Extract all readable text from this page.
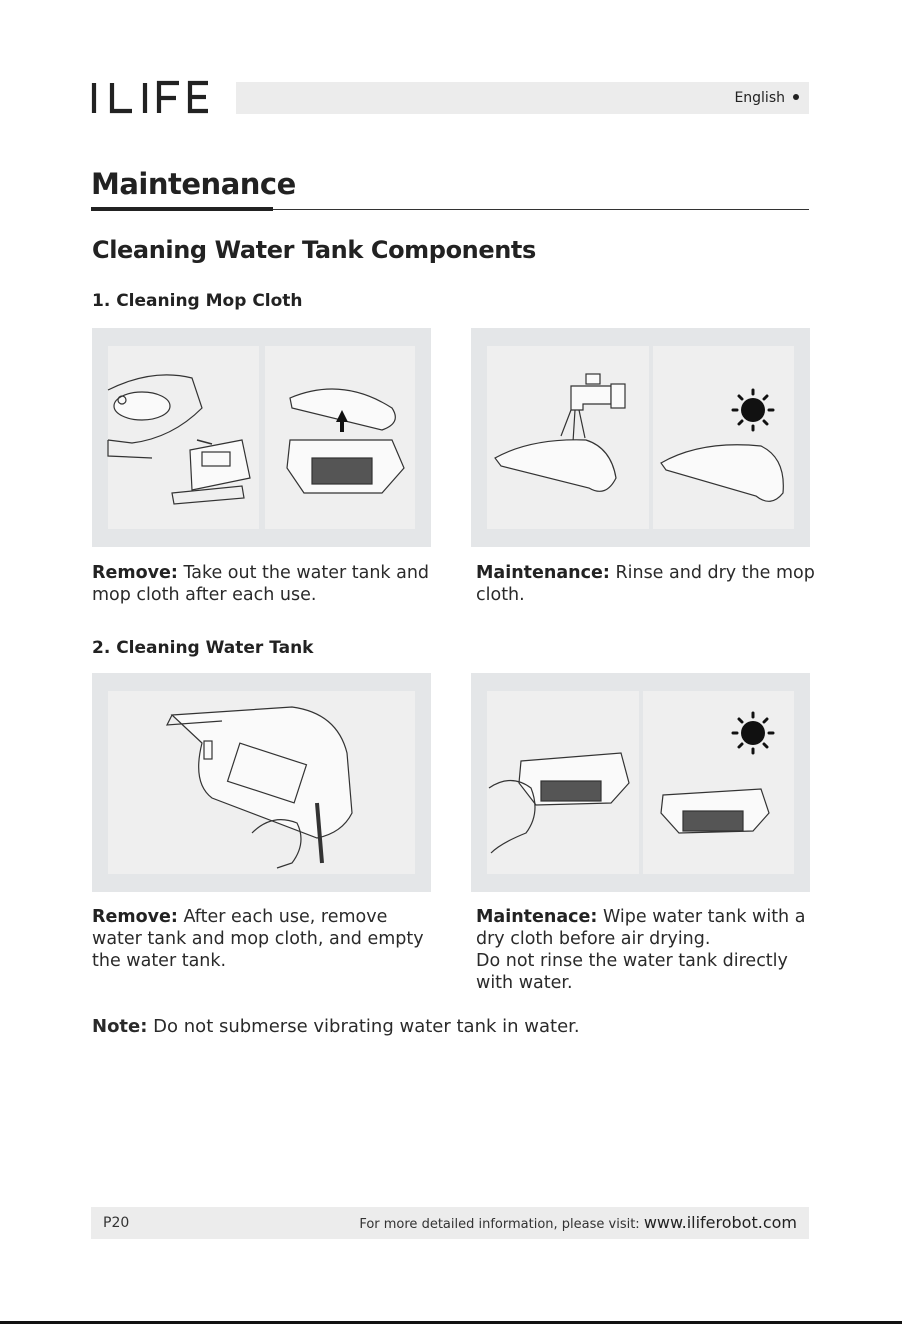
English
Maintenance
Cleaning Water Tank Components
1. Cleaning Mop Cloth
Remove: Take out the water tank and mop cloth after each use.
Maintenance: Rinse and dry the mop cloth.
2. Cleaning Water Tank
Remove: After each use, remove water tank and mop cloth, and empty the water tank.
Maintenace: Wipe water tank with a dry cloth before air drying.
Do not rinse the water tank directly with water.
Note: Do not submerse vibrating water tank in water.
P20	For more detailed information, please visit: www.iliferobot.com
